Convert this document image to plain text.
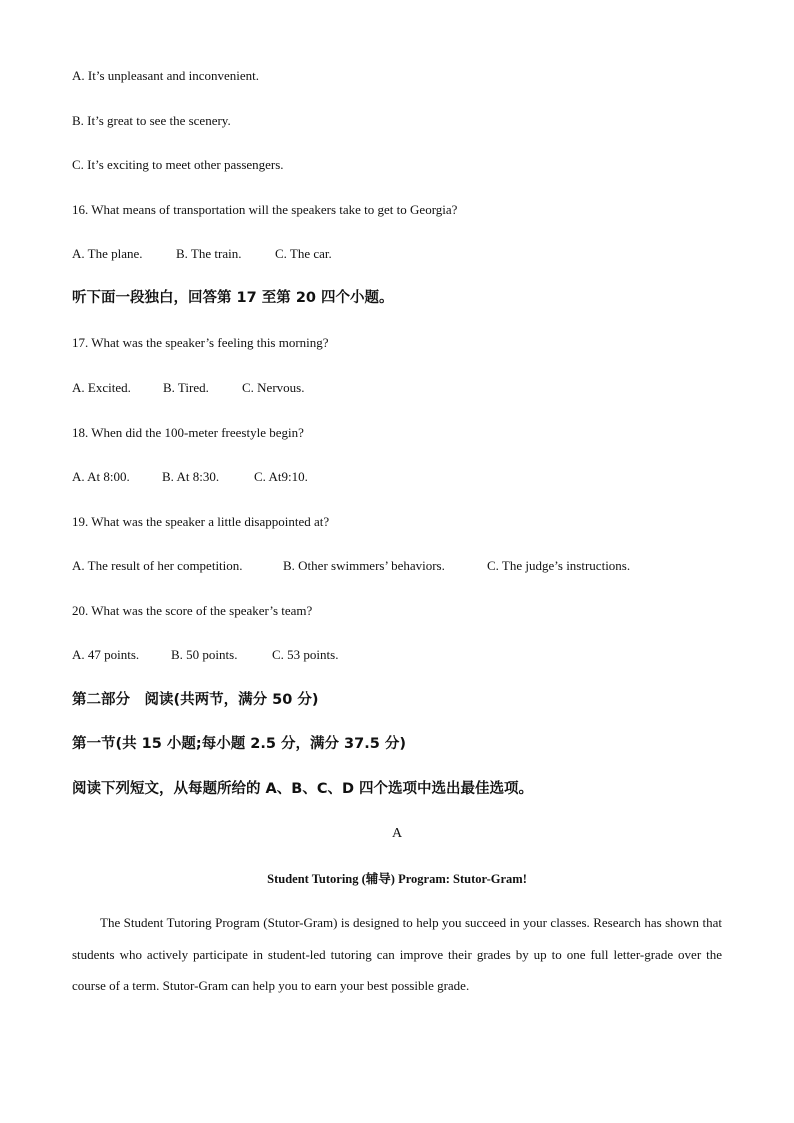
A. It’s unpleasant and inconvenient.
B. It’s great to see the scenery.
C. It’s exciting to meet other passengers.
16. What means of transportation will the speakers take to get to Georgia?
A. The plane.	B. The train.	C. The car.
听下面一段独白，回答第 17 至第 20 四个小题。
17. What was the speaker’s feeling this morning?
A. Excited. B. Tired.	C. Nervous.
18. When did the 100-meter freestyle begin?
A. At 8:00. B. At 8:30.	C. At9:10.
19. What was the speaker a little disappointed at?
A. The result of her competition.	B. Other swimmers’ behaviors.	C. The judge’s instructions.
20. What was the score of the speaker’s team?
A. 47 points. B. 50 points.	C. 53 points.
第二部分　阅读(共两节，满分 50 分)
第一节(共 15 小题;每小题 2.5 分，满分 37.5 分)
阅读下列短文，从每题所给的 A、B、C、D 四个选项中选出最佳选项。
A
Student Tutoring (辅导) Program: Stutor-Gram!
The Student Tutoring Program (Stutor-Gram) is designed to help you succeed in your classes. Research has shown that students who actively participate in student-led tutoring can improve their grades by up to one full letter-grade over the course of a term. Stutor-Gram can help you to earn your best possible grade.
